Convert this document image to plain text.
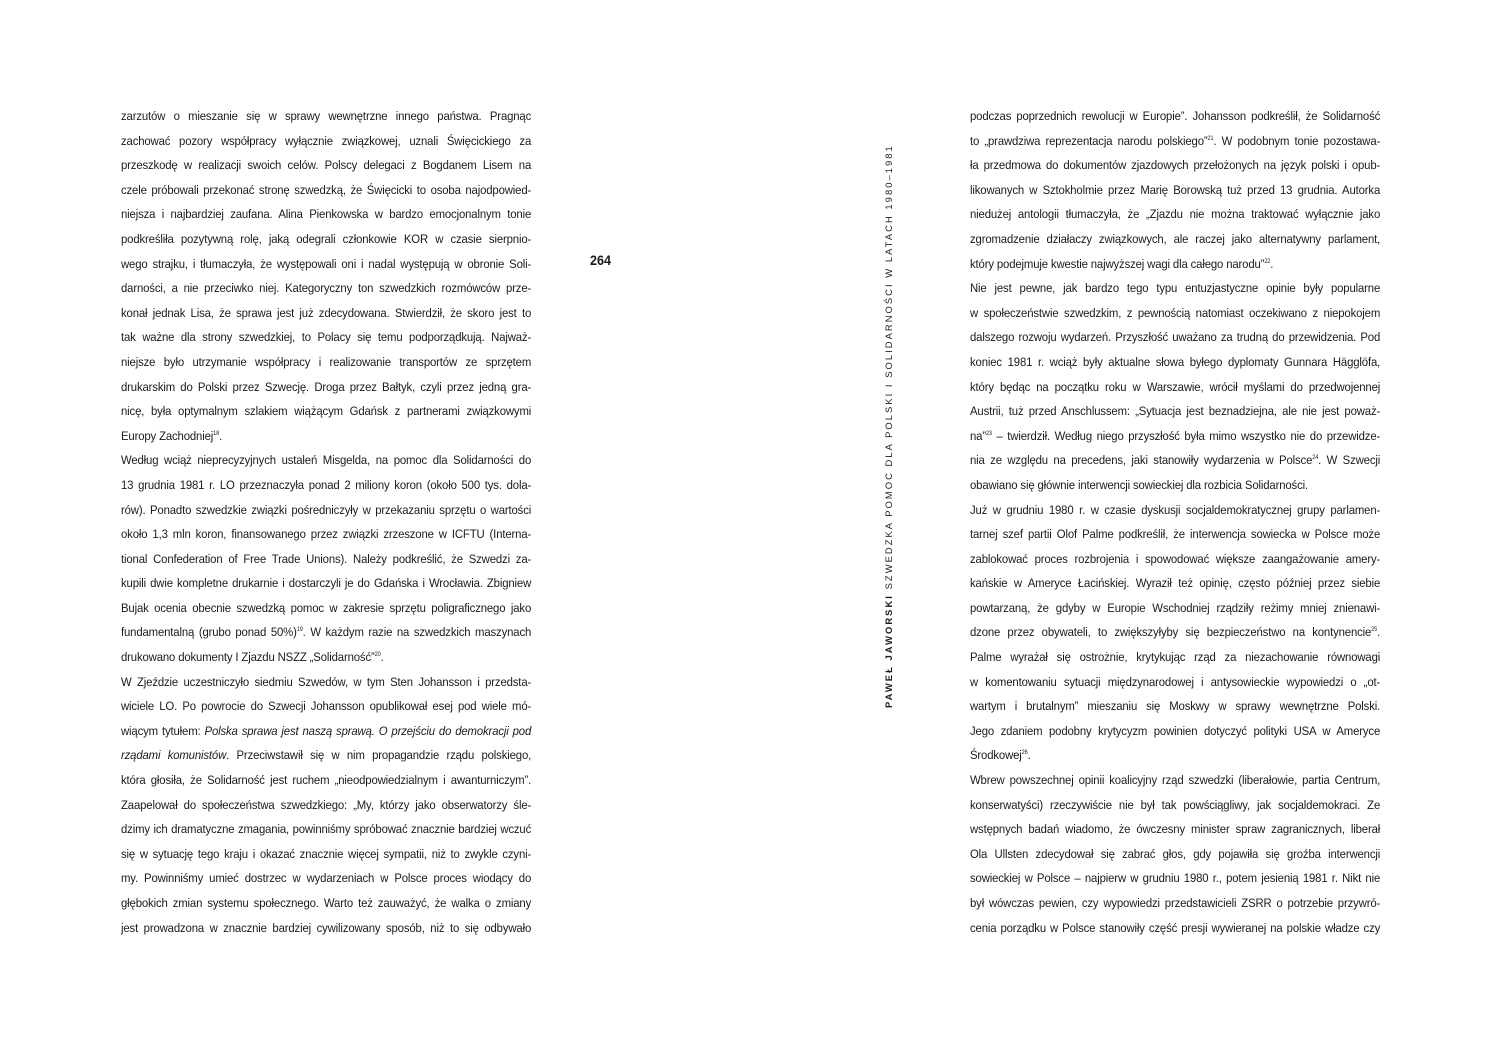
264
PAWEŁ JAWORSKI SZWEDZKA POMOC DLA POLSKI I SOLIDARNOŚCI W LATACH 1980–1981
zarzutów o mieszanie się w sprawy wewnętrzne innego państwa. Pragnąc
zachować pozory współpracy wyłącznie związkowej, uznali Święcickiego za
przeszkodę w realizacji swoich celów. Polscy delegaci z Bogdanem Lisem na
czele próbowali przekonać stronę szwedzką, że Święcicki to osoba najodpowied-
niejsza i najbardziej zaufana. Alina Pienkowska w bardzo emocjonalnym tonie
podkreśliła pozytywną rolę, jaką odegrali członkowie KOR w czasie sierpnio-
wego strajku, i tłumaczyła, że występowali oni i nadal występują w obronie Soli-
darności, a nie przeciwko niej. Kategoryczny ton szwedzkich rozmówców prze-
konał jednak Lisa, że sprawa jest już zdecydowana. Stwierdził, że skoro jest to
tak ważne dla strony szwedzkiej, to Polacy się temu podporządkują. Najważ-
niejsze było utrzymanie współpracy i realizowanie transportów ze sprzętem
drukarskim do Polski przez Szwecję. Droga przez Bałtyk, czyli przez jedną gra-
nicę, była optymalnym szlakiem wiążącym Gdańsk z partnerami związkowymi
Europy Zachodniej$^{18}$.
Według wciąż nieprecyzyjnych ustaleń Misgelda, na pomoc dla Solidarności do
13 grudnia 1981 r. LO przeznaczyła ponad 2 miliony koron (około 500 tys. dola-
rów). Ponadto szwedzkie związki pośredniczyły w przekazaniu sprzętu o wartości
około 1,3 mln koron, finansowanego przez związki zrzeszone w ICFTU (Interna-
tional Confederation of Free Trade Unions). Należy podkreślić, że Szwedzi za-
kupili dwie kompletne drukarnie i dostarczyli je do Gdańska i Wrocławia. Zbigniew
Bujak ocenia obecnie szwedzką pomoc w zakresie sprzętu poligraficznego jako
fundamentalną (grubo ponad 50%)$^{19}$. W każdym razie na szwedzkich maszynach
drukowano dokumenty I Zjazdu NSZZ „Solidarność”$^{20}$.
W Zjeździe uczestniczyło siedmiu Szwedów, w tym Sten Johansson i przedsta-
wiciele LO. Po powrocie do Szwecji Johansson opublikował esej pod wiele mó-
wiącym tytułem: Polska sprawa jest naszą sprawą. O przejściu do demokracji pod
rządami komunistów. Przeciwstawił się w nim propagandzie rządu polskiego,
która głosiła, że Solidarność jest ruchem „nieodpowiedzialnym i awanturniczym”.
Zaapelował do społeczeństwa szwedzkiego: „My, którzy jako obserwatorzy śle-
dzimy ich dramatyczne zmagania, powinniśmy spróbować znacznie bardziej wczuć
się w sytuację tego kraju i okazać znacznie więcej sympatii, niż to zwykle czyni-
my. Powinniśmy umieć dostrzec w wydarzeniach w Polsce proces wiodący do
głębokich zmian systemu społecznego. Warto też zauważyć, że walka o zmiany
jest prowadzona w znacznie bardziej cywilizowany sposób, niż to się odbywało
podczas poprzednich rewolucji w Europie”. Johansson podkreślił, że Solidarność
to „prawdziwa reprezentacja narodu polskiego”$^{21}$. W podobnym tonie pozostawa-
ła przedmowa do dokumentów zjazdowych przełożonych na język polski i opub-
likowanych w Sztokholmie przez Marię Borowską tuż przed 13 grudnia. Autorka
niedużej antologii tłumaczyła, że „Zjazdu nie można traktować wyłącznie jako
zgromadzenie działaczy związkowych, ale raczej jako alternatywny parlament,
który podejmuje kwestie najwyższej wagi dla całego narodu”$^{22}$.
Nie jest pewne, jak bardzo tego typu entuzjastyczne opinie były popularne
w społeczeństwie szwedzkim, z pewnością natomiast oczekiwano z niepokojem
dalszego rozwoju wydarzeń. Przyszłość uważano za trudną do przewidzenia. Pod
koniec 1981 r. wciąż były aktualne słowa byłego dyplomaty Gunnara Hägglöfa,
który będąc na początku roku w Warszawie, wrócił myślami do przedwojennej
Austrii, tuż przed Anschlussem: „Sytuacja jest beznadziejna, ale nie jest poważ-
na”$^{23}$ – twierdził. Według niego przyszłość była mimo wszystko nie do przewidze-
nia ze względu na precedens, jaki stanowiły wydarzenia w Polsce$^{24}$. W Szwecji
obawiano się głównie interwencji sowieckiej dla rozbicia Solidarności.
Już w grudniu 1980 r. w czasie dyskusji socjaldemokratycznej grupy parlamen-
tarnej szef partii Olof Palme podkreślił, że interwencja sowiecka w Polsce może
zablokować proces rozbrojenia i spowodować większe zaangażowanie amery-
kańskie w Ameryce Łacińskiej. Wyraził też opinię, często później przez siebie
powtarzaną, że gdyby w Europie Wschodniej rządziły reżimy mniej znienawi-
dzone przez obywateli, to zwiększyłyby się bezpieczeństwo na kontynencie$^{25}$.
Palme wyrażał się ostrożnie, krytykując rząd za niezachowanie równowagi
w komentowaniu sytuacji międzynarodowej i antysowieckie wypowiedzi o „ot-
wartym i brutalnym” mieszaniu się Moskwy w sprawy wewnętrzne Polski.
Jego zdaniem podobny krytycyzm powinien dotyczyć polityki USA w Ameryce
Środkowej$^{26}$.
Wbrew powszechnej opinii koalicyjny rząd szwedzki (liberałowie, partia Centrum,
konserwatyści) rzeczywiście nie był tak powściągliwy, jak socjaldemokraci. Ze
wstępnych badań wiadomo, że ówczesny minister spraw zagranicznych, liberał
Ola Ullsten zdecydował się zabrać głos, gdy pojawiła się groźba interwencji
sowieckiej w Polsce – najpierw w grudniu 1980 r., potem jesienią 1981 r. Nikt nie
był wówczas pewien, czy wypowiedzi przedstawicieli ZSRR o potrzebie przywró-
cenia porządku w Polsce stanowiły część presji wywieranej na polskie władze czy
